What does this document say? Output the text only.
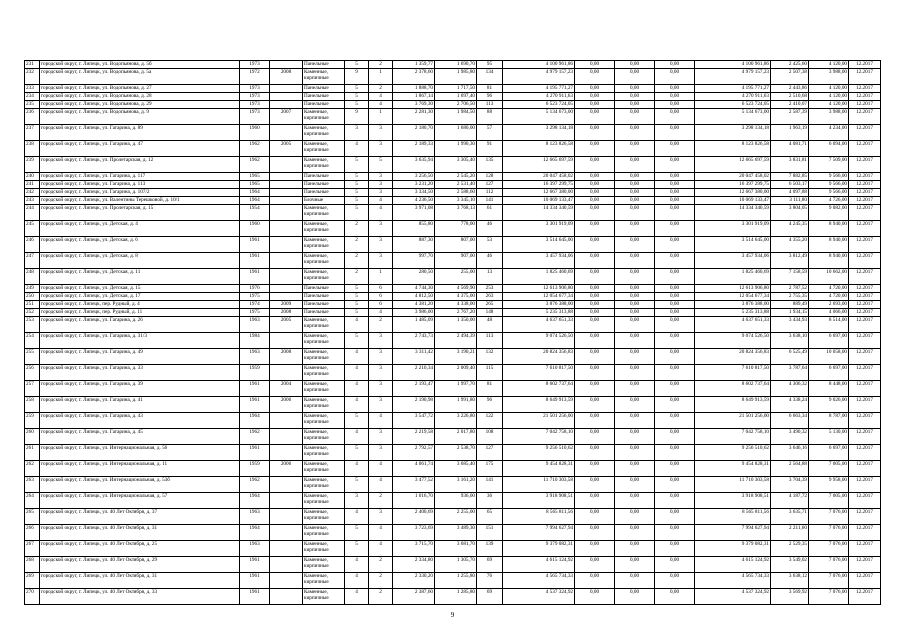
231	городской округ, г. Липецк, ул. Водопьянова, д. 5б	1973		Панельные	5	2	1 359,77	1 690,70	95	4 100 961,86	0,00	0,00	0,00	4 100 961,86	2 425,60	4 120,00	12.2017
232	городской округ, г. Липецк, ул. Водопьянова, д. 5а	1972	2008	Каменные, кирпичные	9	1	2 378,60	1 985,80	134	4 979 157,23	0,00	0,00	0,00	4 979 157,23	2 507,38	3 988,00	12.2017
233	городской округ, г. Липецк, ул. Водопьянова, д. 27	1973		Панельные	5	2	1 888,70	1 717,50	81	4 195 771,27	0,00	0,00	0,00	4 195 771,27	2 443,86	4 120,00	12.2017
234	городской округ, г. Липецк, ул. Водопьянова, д. 28	1973		Панельные	5	4	1 867,14	1 697,40	96	4 270 911,63	0,00	0,00	0,00	4 270 911,63	2 510,68	4 120,00	12.2017
235	городской округ, г. Липецк, ул. Водопьянова, д. 29	1973		Панельные	5	4	3 769,30	2 706,50	113	6 523 724,05	0,00	0,00	0,00	6 523 724,05	2 410,07	4 120,00	12.2017
236	городской округ, г. Липецк, ул. Водопьянова, д. 9	1973	2007	Каменные, кирпичные	9	1	2 281,30	1 984,50	88	5 134 673,00	0,00	0,00	0,00	5 134 673,00	2 587,39	3 988,00	12.2017
237	городской округ, г. Липецк, ул. Гагарина, д. 89	1960		Каменные, кирпичные	3	3	2 180,70	1 680,00	57	3 298 134,18	0,00	0,00	0,00	3 298 134,18	1 963,19	4 234,00	12.2017
238	городской округ, г. Липецк, ул. Гагарина, д. 47	1962	2005	Каменные, кирпичные	4	3	2 189,33	1 990,30	91	8 123 826,58	0,00	0,00	0,00	8 123 826,58	4 081,71	6 094,00	12.2017
239	городской округ, г. Липецк, ул. Пролетарская, д. 12	1962		Каменные, кирпичные	5	5	3 635,94	3 305,40	135	12 665 697,59	0,00	0,00	0,00	12 665 697,59	3 831,81	7 509,00	12.2017
240	городской округ, г. Липецк, ул. Гагарина, д. 117	1965		Панельные	5	3	3 256,50	2 545,20	128	20 047 458,02	0,00	0,00	0,00	20 047 458,02	7 882,85	9 566,00	12.2017
241	городской округ, г. Липецк, ул. Гагарина, д. 113	1965		Панельные	5	3	3 231,20	2 531,40	127	16 397 299,75	0,00	0,00	0,00	16 397 299,75	6 503,17	9 566,00	12.2017
242	городской округ, г. Липецк, ул. Гагарина, д. 107/2	1964		Панельные	5	3	3 334,50	2 588,60	112	12 667 380,00	0,00	0,00	0,00	12 667 380,00	4 097,88	9 566,00	12.2017
243	городской округ, г. Липецк, ул. Валентины Терешковой, д. 10/1	1964		Блочные	5	4	4 236,50	3 345,10	141	10 069 133,47	0,00	0,00	0,00	10 069 133,47	3 111,80	4 726,00	12.2017
244	городской округ, г. Липецк, ул. Пролетарская, д. 15	1954		Каменные, кирпичные	5	4	3 971,08	3 768,13	61	14 334 340,59	0,00	0,00	0,00	14 334 340,59	3 804,05	9 082,00	12.2017
245	городской округ, г. Липецк, ул. Детская, д. 4	1960		Каменные, кирпичные	2	3	855,80	778,00	46	3 301 919,09	0,00	0,00	0,00	3 301 919,09	4 245,35	8 940,00	12.2017
246	городской округ, г. Липецк, ул. Детская, д. 6	1961		Каменные, кирпичные	2	3	887,30	807,00	53	3 514 645,00	0,00	0,00	0,00	3 514 645,00	4 355,20	8 940,00	12.2017
247	городской округ, г. Липецк, ул. Детская, д. 8	1961		Каменные, кирпичные	2	3	997,70	907,00	46	3 457 934,06	0,00	0,00	0,00	3 457 934,06	3 812,49	8 940,00	12.2017
248	городской округ, г. Липецк, ул. Детская, д. 11	1961		Каменные, кирпичные	2	1	280,50	255,00	13	1 825 460,69	0,00	0,00	0,00	1 825 460,69	7 158,59	10 662,00	12.2017
249	городской округ, г. Липецк, ул. Детская, д. 15	1976		Панельные	5	6	4 744,30	4 569,90	253	12 613 906,80	0,00	0,00	0,00	12 613 906,80	2 787,52	4 720,00	12.2017
250	городской округ, г. Липецк, ул. Детская, д. 17	1975		Панельные	5	6	4 812,50	4 375,00	263	12 054 677,34	0,00	0,00	0,00	12 054 677,34	2 755,35	4 720,00	12.2017
251	городской округ, г. Липецк, пер. Рудный, д. 4	1974	2009	Панельные	5	6	4 381,20	4 338,00	265	3 876 388,00	0,00	0,00	0,00	3 876 388,00	889,49	2 693,00	12.2017
252	городской округ, г. Липецк, пер. Рудный, д. 11	1975	2008	Панельные	5	4	3 986,00	2 767,20	148	5 235 313,88	0,00	0,00	0,00	5 235 313,88	1 934,15	4 066,00	12.2017
253	городской округ, г. Липецк, ул. Гагарина, д. 26	1963	2005	Каменные, кирпичные	4	2	1 485,09	1 350,00	48	4 637 651,33	0,00	0,00	0,00	4 637 651,33	3 434,93	8 514,00	12.2017
254	городской округ, г. Липецк, ул. Гагарина, д. 31/3	1984		Каменные, кирпичные	5	3	2 743,73	2 494,39	113	9 074 526,50	0,00	0,00	0,00	9 074 526,50	3 638,10	6 697,00	12.2017
255	городской округ, г. Липецк, ул. Гагарина, д. 49	1963	2008	Каменные, кирпичные	4	3	3 311,42	3 190,21	132	20 824 356,83	0,00	0,00	0,00	20 824 356,83	6 525,49	10 058,00	12.2017
256	городской округ, г. Липецк, ул. Гагарина, д. 33	1959		Каменные, кирпичные	4	3	2 210,34	2 009,40	115	7 610 817,50	0,00	0,00	0,00	7 610 817,50	3 787,64	6 697,00	12.2017
257	городской округ, г. Липецк, ул. Гагарина, д. 39	1961	2004	Каменные, кирпичные	4	3	2 193,47	1 997,70	81	8 602 737,64	0,00	0,00	0,00	8 602 737,64	4 306,32	8 448,00	12.2017
258	городской округ, г. Липецк, ул. Гагарина, д. 41	1961	2006	Каменные, кирпичные	4	3	2 190,98	1 991,80	96	8 649 913,59	0,00	0,00	0,00	8 649 913,59	4 338,24	9 026,00	12.2017
259	городской округ, г. Липецк, ул. Гагарина, д. 43	1964		Каменные, кирпичные	5	4	3 547,72	3 226,80	122	21 501 256,00	0,00	0,00	0,00	21 501 256,00	6 663,34	8 787,00	12.2017
260	городской округ, г. Липецк, ул. Гагарина, д. 45	1962		Каменные, кирпичные	4	3	2 219,58	2 017,80	108	7 042 758,10	0,00	0,00	0,00	7 042 758,10	3 490,32	5 130,00	12.2017
261	городской округ, г. Липецк, ул. Интернациональная, д. 56	1961		Каменные, кирпичные	5	3	2 792,57	2 538,70	127	9 256 510,62	0,00	0,00	0,00	9 256 510,62	3 646,16	6 697,00	12.2017
262	городской округ, г. Липецк, ул. Интернациональная, д. 11	1959	2006	Каменные, кирпичные	4	4	4 061,74	3 685,40	175	9 454 828,31	0,00	0,00	0,00	9 454 828,31	2 564,88	7 005,00	12.2017
263	городской округ, г. Липецк, ул. Интернациональная, д. 53б	1962		Каменные, кирпичные	5	4	3 477,52	3 161,20	141	11 710 303,58	0,00	0,00	0,00	11 710 303,58	3 704,39	9 958,00	12.2017
264	городской округ, г. Липецк, ул. Интернациональная, д. 57	1964		Каменные, кирпичные	3	2	1 016,70	936,00	36	3 918 908,51	0,00	0,00	0,00	3 918 908,51	4 187,72	7 005,00	12.2017
265	городской округ, г. Липецк, ул. 40 Лет Октября, д. 37	1963		Каменные, кирпичные	4	3	2 400,69	2 255,00	65	8 565 811,56	0,00	0,00	0,00	8 565 811,56	3 635,71	7 076,00	12.2017
266	городской округ, г. Липецк, ул. 40 Лет Октября, д. 31	1964		Каменные, кирпичные	5	4	3 723,69	3 489,30	151	7 994 627,94	0,00	0,00	0,00	7 994 627,94	2 211,60	7 076,00	12.2017
267	городской округ, г. Липецк, ул. 40 Лет Октября, д. 25	1963		Каменные, кирпичные	5	4	3 715,70	3 681,70	139	9 379 082,31	0,00	0,00	0,00	9 379 082,31	2 529,35	7 076,00	12.2017
268	городской округ, г. Липецк, ул. 40 Лет Октября, д. 29	1961		Каменные, кирпичные	4	2	2 334,80	1 305,70	69	4 615 124,92	0,00	0,00	0,00	4 615 124,92	3 549,02	7 076,00	12.2017
269	городской округ, г. Липецк, ул. 40 Лет Октября, д. 31	1961		Каменные, кирпичные	4	2	2 330,20	1 255,80	76	4 565 734,33	0,00	0,00	0,00	4 565 734,33	3 638,12	7 076,00	12.2017
270	городской округ, г. Липецк, ул. 40 Лет Октября, д. 33	1961		Каменные, кирпичные	4	2	2 387,60	1 285,80	69	4 537 324,92	0,00	0,00	0,00	4 537 324,92	3 569,92	7 076,00	12.2017
9
